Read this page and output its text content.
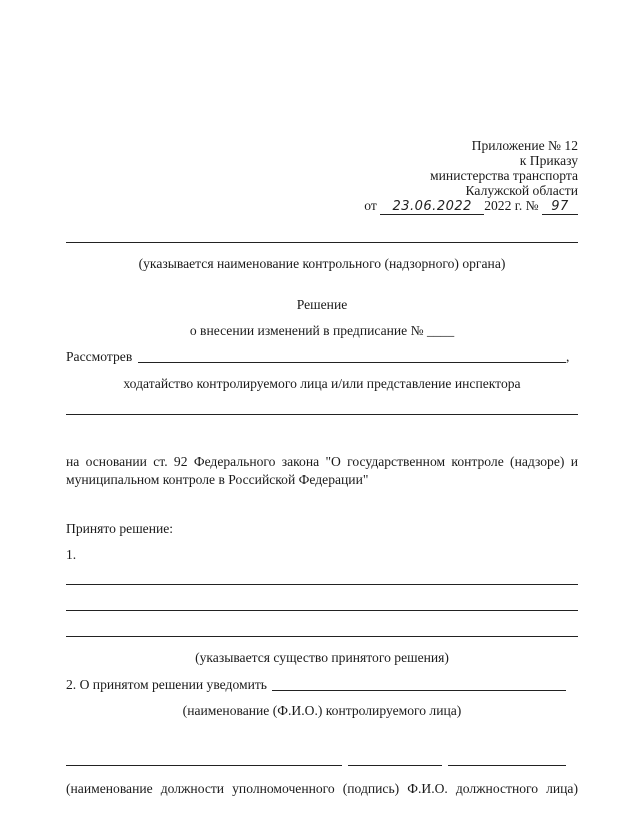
Приложение № 12
к Приказу
министерства транспорта
Калужской области
от 23.06.2022 2022 г. № 97
(указывается наименование контрольного (надзорного) органа)
Решение
о внесении изменений в предписание № ____
Рассмотрев	,
ходатайство контролируемого лица и/или представление инспектора
на основании ст. 92 Федерального закона "О государственном контроле (надзоре) и
муниципальном контроле в Российской Федерации"
Принято решение:
1.
(указывается существо принятого решения)
2. О принятом решении уведомить
(наименование (Ф.И.О.) контролируемого лица)
(наименование должности уполномоченного (подпись) Ф.И.О. должностного лица)
